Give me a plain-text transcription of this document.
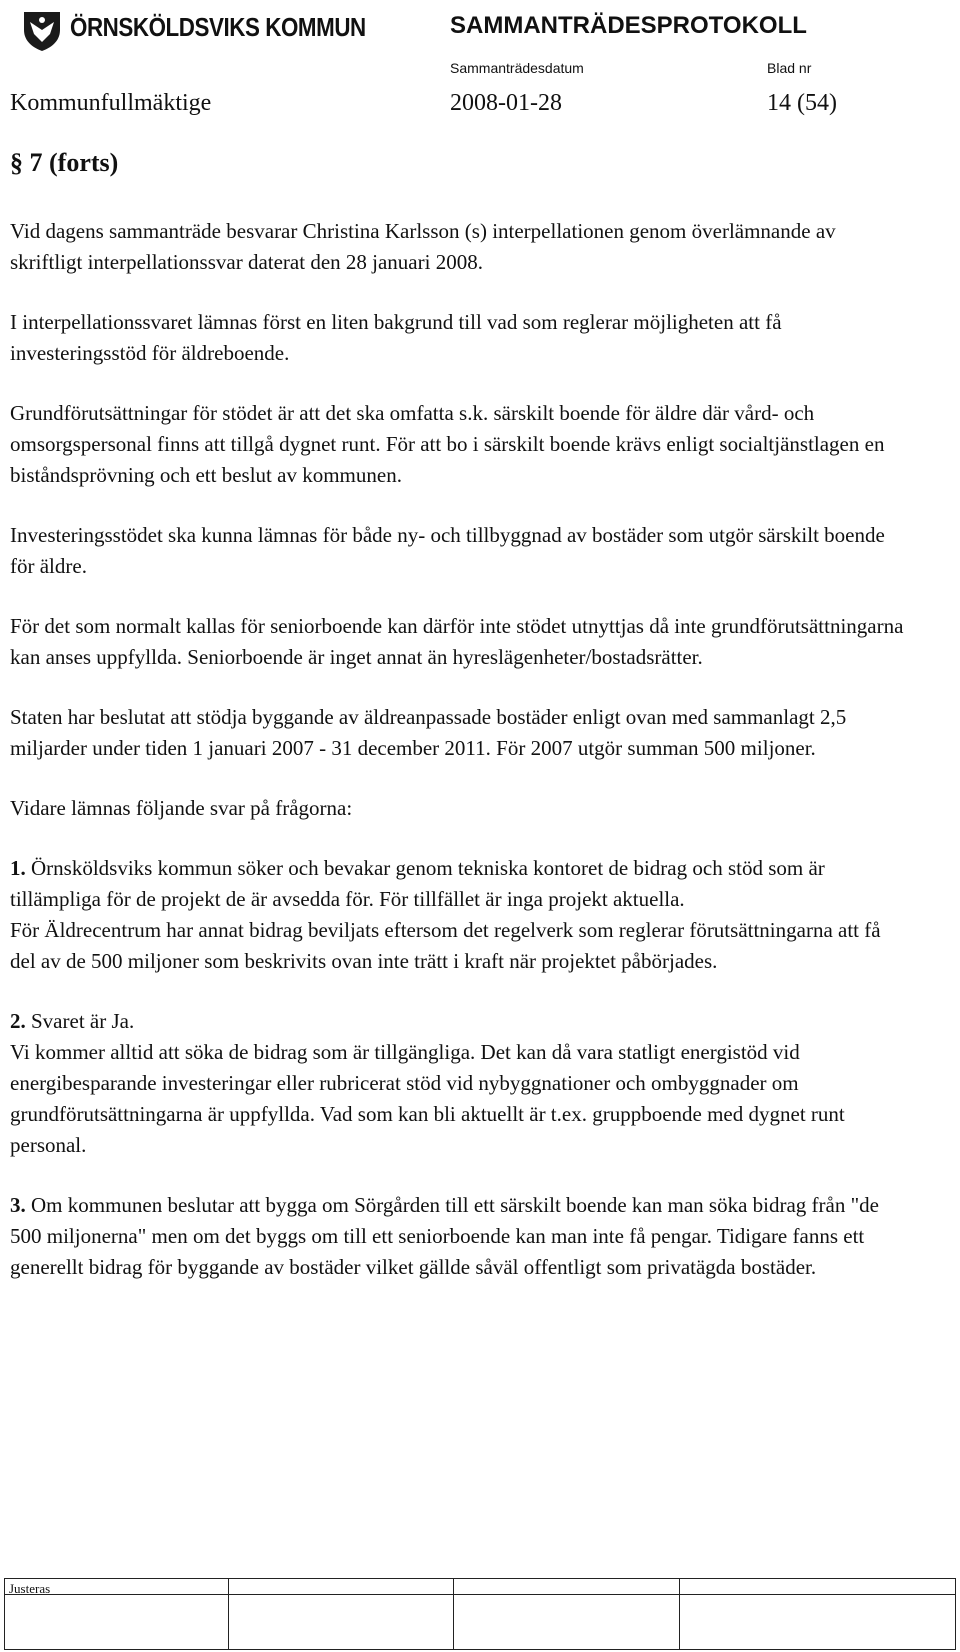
ÖRNSKÖLDSVIKS KOMMUN	SAMMANTRÄDESPROTOKOLL
Sammanträdesdatum	Blad nr
Kommunfullmäktige	2008-01-28	14 (54)
§ 7 (forts)

Vid dagens sammanträde besvarar Christina Karlsson (s) interpellationen genom överlämnande av skriftligt interpellationssvar daterat den 28 januari 2008.

I interpellationssvaret lämnas först en liten bakgrund till vad som reglerar möjligheten att få investeringsstöd för äldreboende.

Grundförutsättningar för stödet är att det ska omfatta s.k. särskilt boende för äldre där vård- och omsorgspersonal finns att tillgå dygnet runt. För att bo i särskilt boende krävs enligt socialtjänstlagen en biståndsprövning och ett beslut av kommunen.

Investeringsstödet ska kunna lämnas för både ny- och tillbyggnad av bostäder som utgör särskilt boende för äldre.

För det som normalt kallas för seniorboende kan därför inte stödet utnyttjas då inte grundförutsättningarna kan anses uppfyllda. Seniorboende är inget annat än hyreslägenheter/bostadsrätter.

Staten har beslutat att stödja byggande av äldreanpassade bostäder enligt ovan med sammanlagt 2,5 miljarder under tiden 1 januari 2007 - 31 december 2011. För 2007 utgör summan 500 miljoner.

Vidare lämnas följande svar på frågorna:

1. Örnsköldsviks kommun söker och bevakar genom tekniska kontoret de bidrag och stöd som är tillämpliga för de projekt de är avsedda för. För tillfället är inga projekt aktuella.

För Äldrecentrum har annat bidrag beviljats eftersom det regelverk som reglerar förutsättningarna att få del av de 500 miljoner som beskrivits ovan inte trätt i kraft när projektet påbörjades.

2. Svaret är Ja.

Vi kommer alltid att söka de bidrag som är tillgängliga. Det kan då vara statligt energistöd vid energibesparande investeringar eller rubricerat stöd vid nybyggnationer och ombyggnader om grundförutsättningarna är uppfyllda. Vad som kan bli aktuellt är t.ex. gruppboende med dygnet runt personal.

3. Om kommunen beslutar att bygga om Sörgården till ett särskilt boende kan man söka bidrag från "de 500 miljonerna" men om det byggs om till ett seniorboende kan man inte få pengar. Tidigare fanns ett generellt bidrag för byggande av bostäder vilket gällde såväl offentligt som privatägda bostäder.

Justeras
